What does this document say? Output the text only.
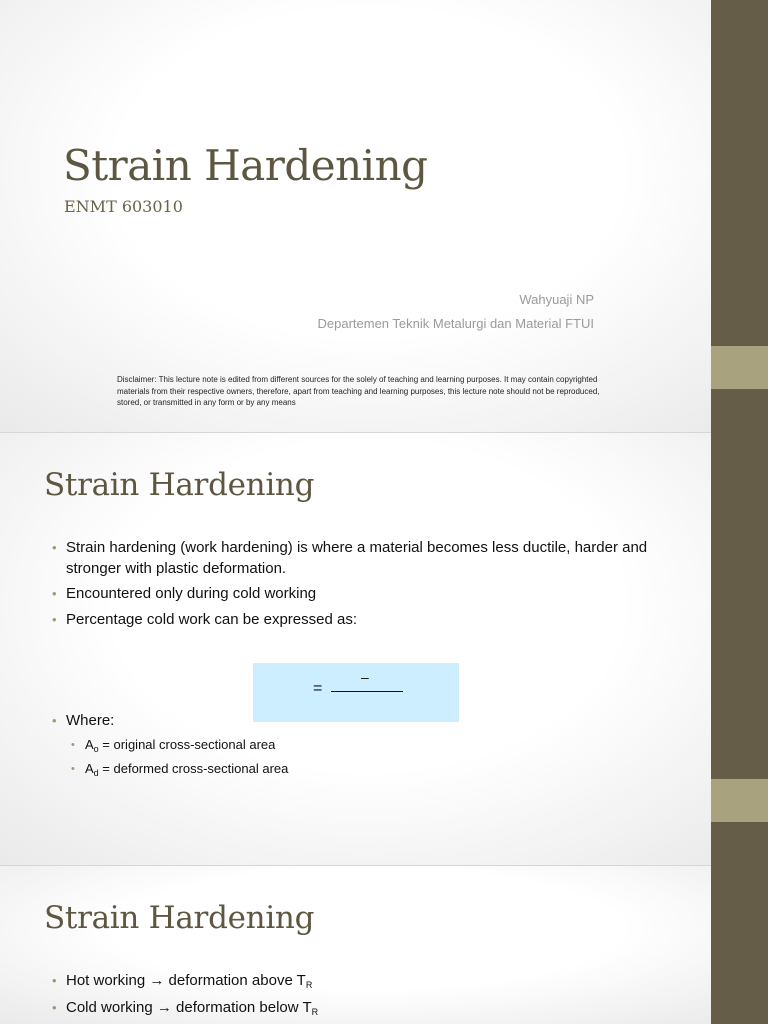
Strain Hardening
ENMT 603010
Wahyuaji NP
Departemen Teknik Metalurgi dan Material FTUI
Disclaimer: This lecture note is edited from different sources for the solely of teaching and learning purposes. It may contain copyrighted materials from their respective owners, therefore, apart from teaching and learning purposes, this lecture note should not be reproduced, stored, or transmitted in any form or by any means
Strain Hardening
• Strain hardening (work hardening) is where a material becomes less ductile, harder and stronger with plastic deformation.
• Encountered only during cold working
• Percentage cold work can be expressed as:
=
–
• Where:
• $A_o$ = original cross-sectional area
• $A_d$ = deformed cross-sectional area
Strain Hardening
• Hot working → deformation above $T_R$
• Cold working → deformation below $T_R$
